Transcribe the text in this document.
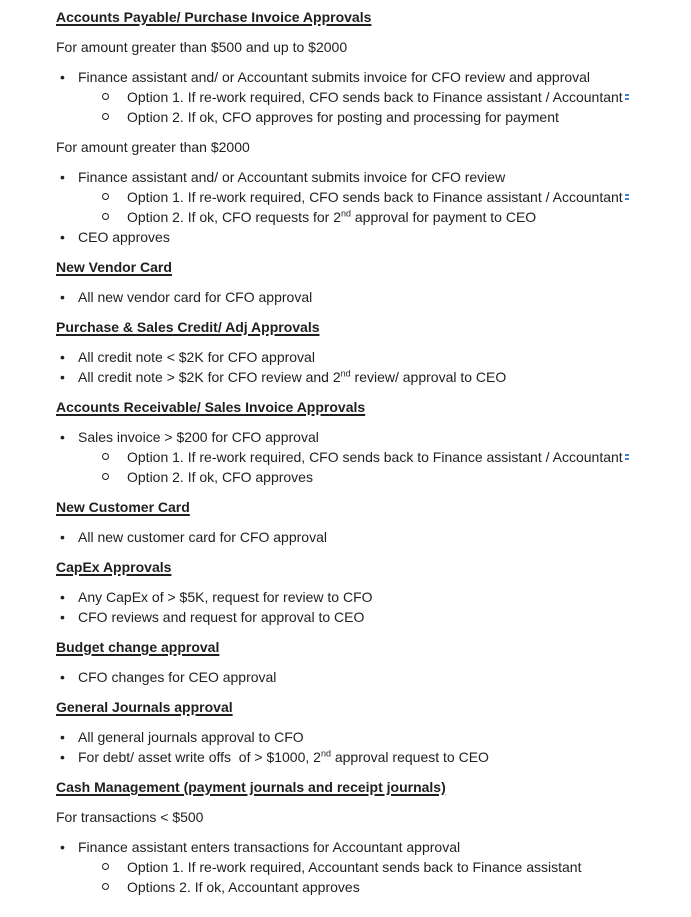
Accounts Payable/ Purchase Invoice Approvals
For amount greater than $500 and up to $2000
• Finance assistant and/ or Accountant submits invoice for CFO review and approval
Option 1. If re-work required, CFO sends back to Finance assistant / Accountant
Option 2. If ok, CFO approves for posting and processing for payment
For amount greater than $2000
• Finance assistant and/ or Accountant submits invoice for CFO review
Option 1. If re-work required, CFO sends back to Finance assistant / Accountant
Option 2. If ok, CFO requests for 2nd approval for payment to CEO
• CEO approves
New Vendor Card
• All new vendor card for CFO approval
Purchase & Sales Credit/ Adj Approvals
• All credit note < $2K for CFO approval
• All credit note > $2K for CFO review and 2nd review/ approval to CEO
Accounts Receivable/ Sales Invoice Approvals
• Sales invoice > $200 for CFO approval
Option 1. If re-work required, CFO sends back to Finance assistant / Accountant
Option 2. If ok, CFO approves
New Customer Card
• All new customer card for CFO approval
CapEx Approvals
• Any CapEx of > $5K, request for review to CFO
• CFO reviews and request for approval to CEO
Budget change approval
• CFO changes for CEO approval
General Journals approval
• All general journals approval to CFO
• For debt/ asset write offs  of > $1000, 2nd approval request to CEO
Cash Management (payment journals and receipt journals)
For transactions < $500
• Finance assistant enters transactions for Accountant approval
Option 1. If re-work required, Accountant sends back to Finance assistant
Options 2. If ok, Accountant approves
